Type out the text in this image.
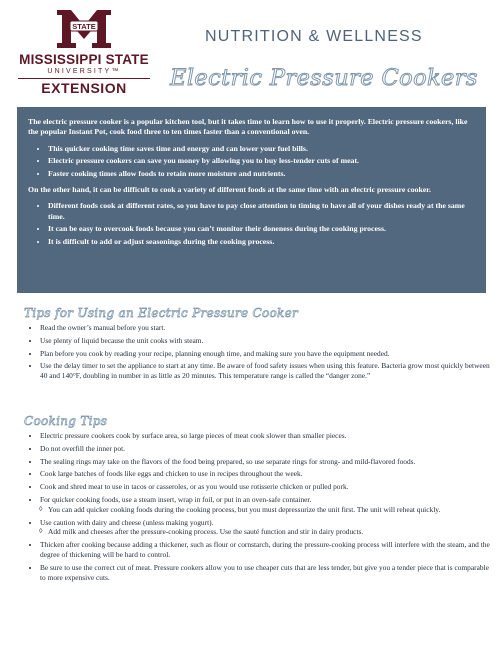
STATE
MISSISSIPPI STATE
UNIVERSITY™
EXTENSION
NUTRITION & WELLNESS
Electric Pressure Cookers

The electric pressure cooker is a popular kitchen tool, but it takes time to learn how to use it properly. Electric pressure cookers, like the popular Instant Pot, cook food three to ten times faster than a conventional oven.

• This quicker cooking time saves time and energy and can lower your fuel bills.
• Electric pressure cookers can save you money by allowing you to buy less-tender cuts of meat.
• Faster cooking times allow foods to retain more moisture and nutrients.

On the other hand, it can be difficult to cook a variety of different foods at the same time with an electric pressure cooker.

• Different foods cook at different rates, so you have to pay close attention to timing to have all of your dishes ready at the same time.
• It can be easy to overcook foods because you can’t monitor their doneness during the cooking process.
• It is difficult to add or adjust seasonings during the cooking process.
Tips for Using an Electric Pressure Cooker
• Read the owner’s manual before you start.
• Use plenty of liquid because the unit cooks with steam.
• Plan before you cook by reading your recipe, planning enough time, and making sure you have the equipment needed.
• Use the delay timer to set the appliance to start at any time. Be aware of food safety issues when using this feature. Bacteria grow most quickly between 40 and 140°F, doubling in number in as little as 20 minutes. This temperature range is called the “danger zone.”
Cooking Tips
• Electric pressure cookers cook by surface area, so large pieces of meat cook slower than smaller pieces.
• Do not overfill the inner pot.
• The sealing rings may take on the flavors of the food being prepared, so use separate rings for strong- and mild-flavored foods.
• Cook large batches of foods like eggs and chicken to use in recipes throughout the week.
• Cook and shred meat to use in tacos or casseroles, or as you would use rotisserie chicken or pulled pork.
• For quicker cooking foods, use a steam insert, wrap in foil, or put in an oven-safe container.
◊ You can add quicker cooking foods during the cooking process, but you must depressurize the unit first. The unit will reheat quickly.
• Use caution with dairy and cheese (unless making yogurt).
◊ Add milk and cheeses after the pressure-cooking process. Use the sauté function and stir in dairy products.
• Thicken after cooking because adding a thickener, such as flour or cornstarch, during the pressure-cooking process will interfere with the steam, and the degree of thickening will be hard to control.
• Be sure to use the correct cut of meat. Pressure cookers allow you to use cheaper cuts that are less tender, but give you a tender piece that is comparable to more expensive cuts.
